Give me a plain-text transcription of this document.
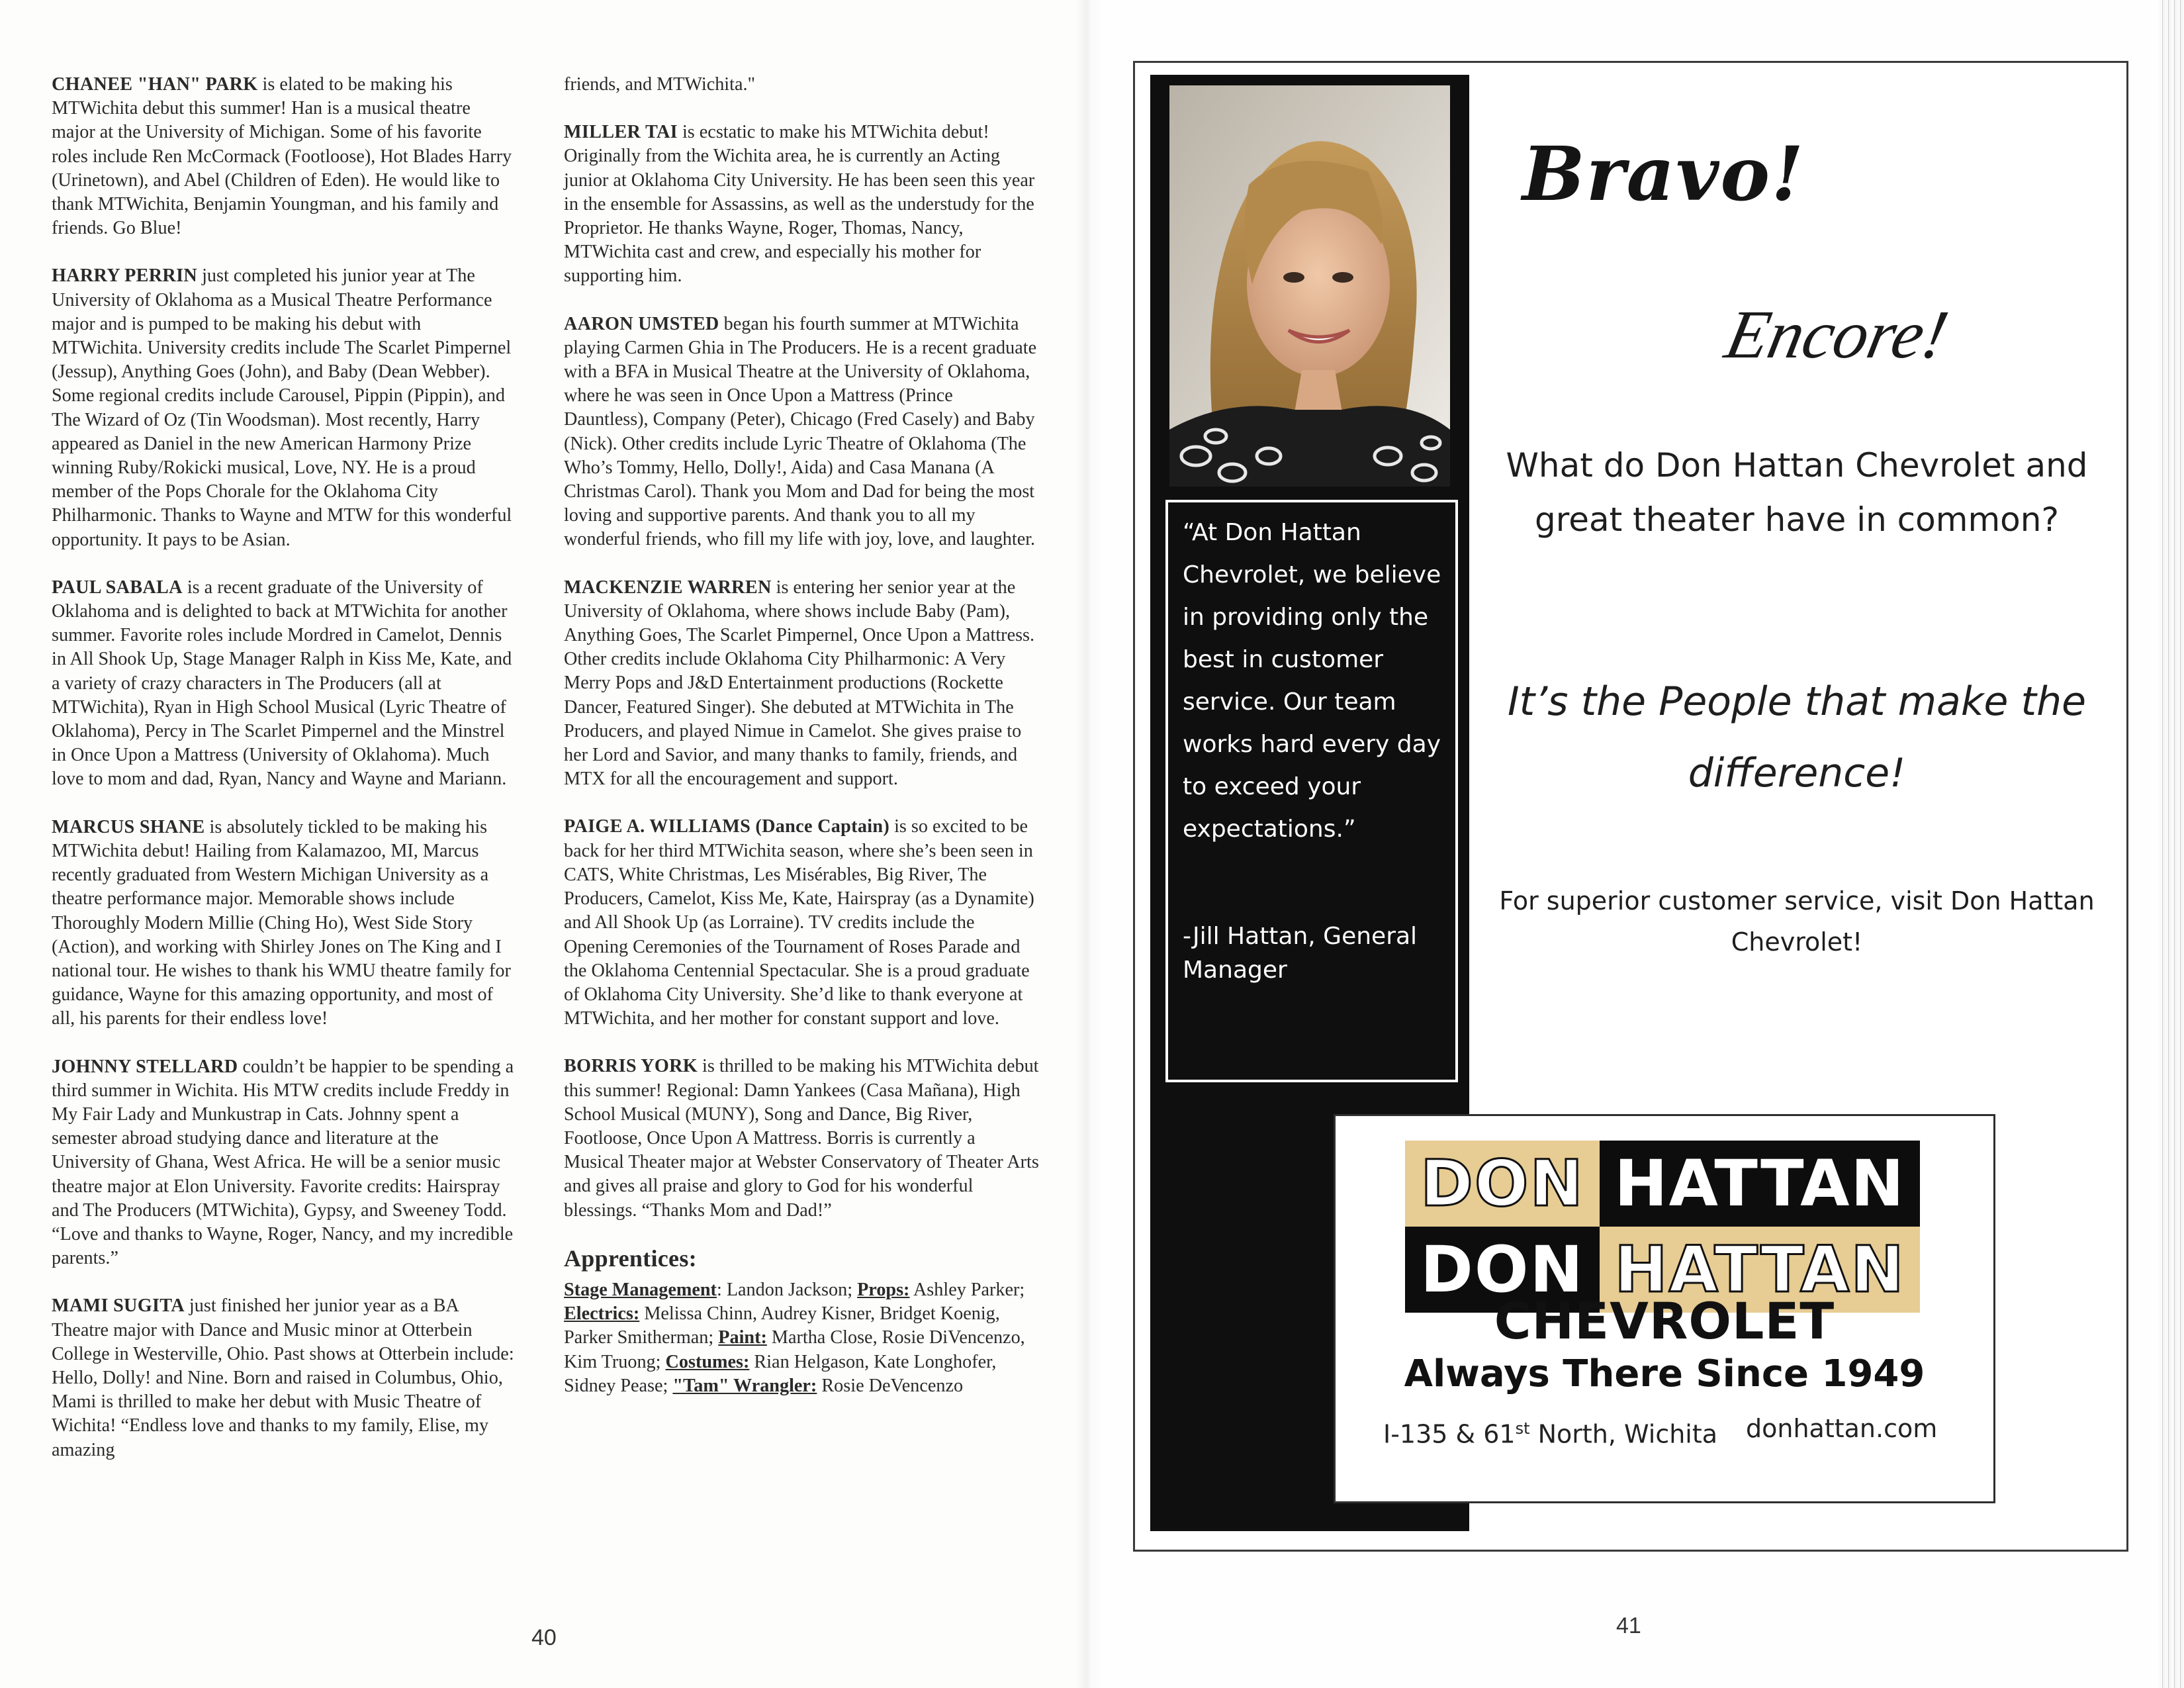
CHANEE "HAN" PARK is elated to be making his MTWichita debut this summer! Han is a musical theatre major at the University of Michigan. Some of his favorite roles include Ren McCormack (Footloose), Hot Blades Harry (Urinetown), and Abel (Children of Eden). He would like to thank MTWichita, Benjamin Youngman, and his family and friends. Go Blue!

HARRY PERRIN just completed his junior year at The University of Oklahoma as a Musical Theatre Performance major and is pumped to be making his debut with MTWichita. University credits include The Scarlet Pimpernel (Jessup), Anything Goes (John), and Baby (Dean Webber). Some regional credits include Carousel, Pippin (Pippin), and The Wizard of Oz (Tin Woodsman). Most recently, Harry appeared as Daniel in the new American Harmony Prize winning Ruby/Rokicki musical, Love, NY. He is a proud member of the Pops Chorale for the Oklahoma City Philharmonic. Thanks to Wayne and MTW for this wonderful opportunity. It pays to be Asian.

PAUL SABALA is a recent graduate of the University of Oklahoma and is delighted to back at MTWichita for another summer. Favorite roles include Mordred in Camelot, Dennis in All Shook Up, Stage Manager Ralph in Kiss Me, Kate, and a variety of crazy characters in The Producers (all at MTWichita), Ryan in High School Musical (Lyric Theatre of Oklahoma), Percy in The Scarlet Pimpernel and the Minstrel in Once Upon a Mattress (University of Oklahoma). Much love to mom and dad, Ryan, Nancy and Wayne and Mariann.

MARCUS SHANE is absolutely tickled to be making his MTWichita debut! Hailing from Kalamazoo, MI, Marcus recently graduated from Western Michigan University as a theatre performance major. Memorable shows include Thoroughly Modern Millie (Ching Ho), West Side Story (Action), and working with Shirley Jones on The King and I national tour. He wishes to thank his WMU theatre family for guidance, Wayne for this amazing opportunity, and most of all, his parents for their endless love!

JOHNNY STELLARD couldn’t be happier to be spending a third summer in Wichita. His MTW credits include Freddy in My Fair Lady and Munkustrap in Cats. Johnny spent a semester abroad studying dance and literature at the University of Ghana, West Africa. He will be a senior music theatre major at Elon University. Favorite credits: Hairspray and The Producers (MTWichita), Gypsy, and Sweeney Todd. “Love and thanks to Wayne, Roger, Nancy, and my incredible parents.”

MAMI SUGITA just finished her junior year as a BA Theatre major with Dance and Music minor at Otterbein College in Westerville, Ohio. Past shows at Otterbein include: Hello, Dolly! and Nine. Born and raised in Columbus, Ohio, Mami is thrilled to make her debut with Music Theatre of Wichita! “Endless love and thanks to my family, Elise, my amazing

friends, and MTWichita."

MILLER TAI is ecstatic to make his MTWichita debut! Originally from the Wichita area, he is currently an Acting junior at Oklahoma City University. He has been seen this year in the ensemble for Assassins, as well as the understudy for the Proprietor. He thanks Wayne, Roger, Thomas, Nancy, MTWichita cast and crew, and especially his mother for supporting him.

AARON UMSTED began his fourth summer at MTWichita playing Carmen Ghia in The Producers. He is a recent graduate with a BFA in Musical Theatre at the University of Oklahoma, where he was seen in Once Upon a Mattress (Prince Dauntless), Company (Peter), Chicago (Fred Casely) and Baby (Nick). Other credits include Lyric Theatre of Oklahoma (The Who’s Tommy, Hello, Dolly!, Aida) and Casa Manana (A Christmas Carol). Thank you Mom and Dad for being the most loving and supportive parents. And thank you to all my wonderful friends, who fill my life with joy, love, and laughter.

MACKENZIE WARREN is entering her senior year at the University of Oklahoma, where shows include Baby (Pam), Anything Goes, The Scarlet Pimpernel, Once Upon a Mattress. Other credits include Oklahoma City Philharmonic: A Very Merry Pops and J&D Entertainment productions (Rockette Dancer, Featured Singer). She debuted at MTWichita in The Producers, and played Nimue in Camelot. She gives praise to her Lord and Savior, and many thanks to family, friends, and MTX for all the encouragement and support.

PAIGE A. WILLIAMS (Dance Captain) is so excited to be back for her third MTWichita season, where she’s been seen in CATS, White Christmas, Les Misérables, Big River, The Producers, Camelot, Kiss Me, Kate, Hairspray (as a Dynamite) and All Shook Up (as Lorraine). TV credits include the Opening Ceremonies of the Tournament of Roses Parade and the Oklahoma Centennial Spectacular. She is a proud graduate of Oklahoma City University. She’d like to thank everyone at MTWichita, and her mother for constant support and love.

BORRIS YORK is thrilled to be making his MTWichita debut this summer! Regional: Damn Yankees (Casa Mañana), High School Musical (MUNY), Song and Dance, Big River, Footloose, Once Upon A Mattress. Borris is currently a Musical Theater major at Webster Conservatory of Theater Arts and gives all praise and glory to God for his wonderful blessings. “Thanks Mom and Dad!”

Apprentices:

Stage Management: Landon Jackson; Props: Ashley Parker; Electrics: Melissa Chinn, Audrey Kisner, Bridget Koenig, Parker Smitherman; Paint: Martha Close, Rosie DiVencenzo, Kim Truong; Costumes: Rian Helgason, Kate Longhofer, Sidney Pease; "Tam" Wrangler: Rosie DeVencenzo

40
“At Don Hattan Chevrolet, we believe in providing only the best in customer service. Our team works hard every day to exceed your expectations.”
-Jill Hattan, General Manager
Bravo!
Encore!
What do Don Hattan Chevrolet and great theater have in common?
It’s the People that make the difference!
For superior customer service, visit Don Hattan Chevrolet!
DON HATTAN
DON HATTAN
CHEVROLET
Always There Since 1949
I-135 & 61st North, Wichita donhattan.com
41
